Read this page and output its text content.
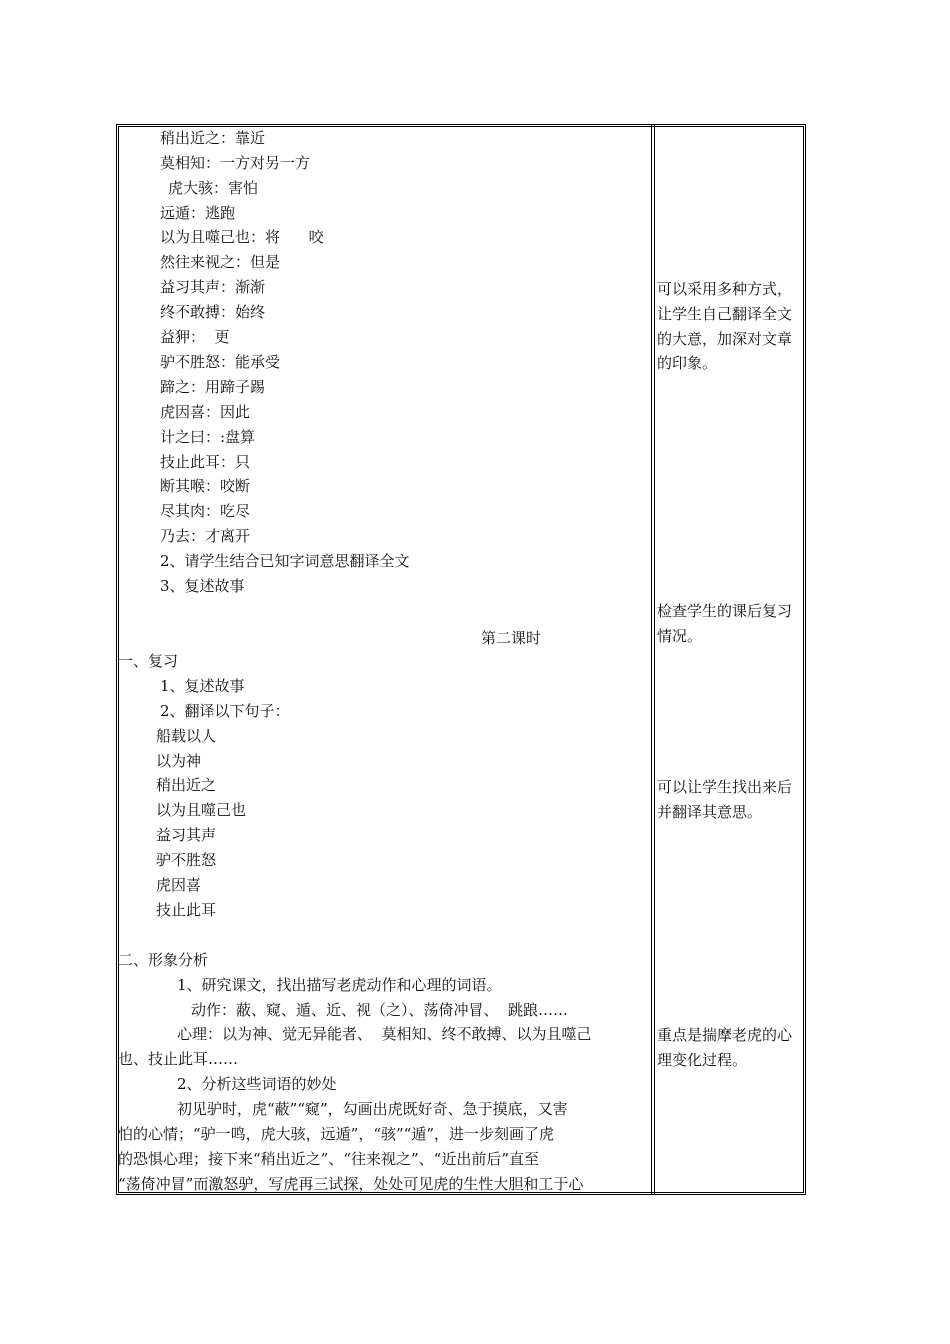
稍出近之：靠近
莫相知：一方对另一方
虎大骇：害怕
远遁：逃跑
以为且噬己也：将      咬
然往来视之：但是
益习其声：渐渐
终不敢搏：始终
益狎：  更
驴不胜怒：能承受
蹄之：用蹄子踢
虎因喜：因此
计之曰：:盘算
技止此耳：只
断其喉：咬断
尽其肉：吃尽
乃去：才离开
2、请学生结合已知字词意思翻译全文
3、复述故事
第二课时
一、复习
1、复述故事
2、翻译以下句子：
船载以人
以为神
稍出近之
以为且噬己也
益习其声
驴不胜怒
虎因喜
技止此耳
二、形象分析
1、研究课文，找出描写老虎动作和心理的词语。
动作：蔽、窥、遁、近、视（之）、荡倚冲冒、  跳踉……
心理：以为神、觉无异能者、  莫相知、终不敢搏、以为且噬己
也、技止此耳……
2、分析这些词语的妙处
初见驴时，虎“蔽”“窥”，勾画出虎既好奇、急于摸底，又害
怕的心情；“驴一鸣，虎大骇，远遁”，“骇”“遁”，进一步刻画了虎
的恐惧心理；接下来“稍出近之”、“往来视之”、“近出前后”直至
“荡倚冲冒”而激怒驴，写虎再三试探，处处可见虎的生性大胆和工于心
可以采用多种方式，
让学生自己翻译全文
的大意，加深对文章
的印象。
检查学生的课后复习
情况。
可以让学生找出来后
并翻译其意思。
重点是揣摩老虎的心
理变化过程。
